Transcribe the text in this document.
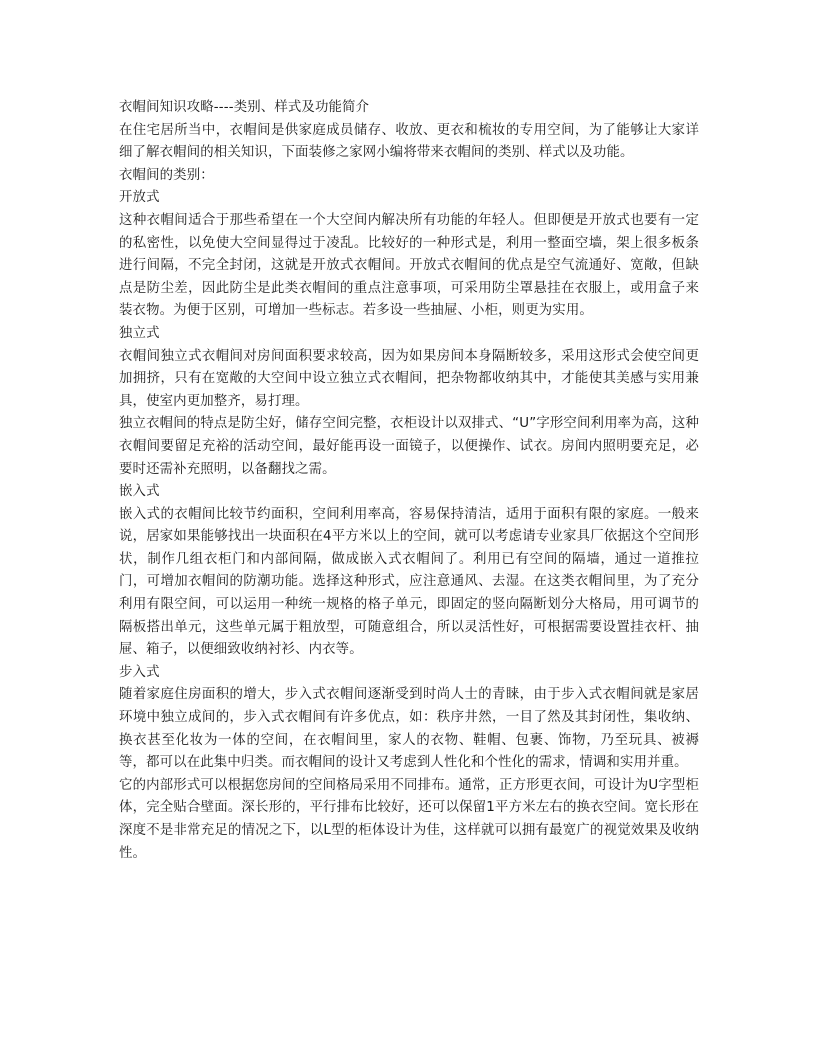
衣帽间知识攻略----类别、样式及功能简介

在住宅居所当中，衣帽间是供家庭成员储存、收放、更衣和梳妆的专用空间，为了能够让大家详细了解衣帽间的相关知识，下面装修之家网小编将带来衣帽间的类别、样式以及功能。

衣帽间的类别：

开放式

这种衣帽间适合于那些希望在一个大空间内解决所有功能的年轻人。但即便是开放式也要有一定的私密性，以免使大空间显得过于凌乱。比较好的一种形式是，利用一整面空墙，架上很多板条进行间隔，不完全封闭，这就是开放式衣帽间。开放式衣帽间的优点是空气流通好、宽敞，但缺点是防尘差，因此防尘是此类衣帽间的重点注意事项，可采用防尘罩悬挂在衣服上，或用盒子来装衣物。为便于区别，可增加一些标志。若多设一些抽屉、小柜，则更为实用。

独立式

衣帽间独立式衣帽间对房间面积要求较高，因为如果房间本身隔断较多，采用这形式会使空间更加拥挤，只有在宽敞的大空间中设立独立式衣帽间，把杂物都收纳其中，才能使其美感与实用兼具，使室内更加整齐，易打理。

独立衣帽间的特点是防尘好，储存空间完整，衣柜设计以双排式、“U”字形空间利用率为高，这种衣帽间要留足充裕的活动空间，最好能再设一面镜子，以便操作、试衣。房间内照明要充足，必要时还需补充照明，以备翻找之需。

嵌入式

嵌入式的衣帽间比较节约面积，空间利用率高，容易保持清洁，适用于面积有限的家庭。一般来说，居家如果能够找出一块面积在4平方米以上的空间，就可以考虑请专业家具厂依据这个空间形状，制作几组衣柜门和内部间隔，做成嵌入式衣帽间了。利用已有空间的隔墙，通过一道推拉门，可增加衣帽间的防潮功能。选择这种形式，应注意通风、去湿。在这类衣帽间里，为了充分利用有限空间，可以运用一种统一规格的格子单元，即固定的竖向隔断划分大格局，用可调节的隔板搭出单元，这些单元属于粗放型，可随意组合，所以灵活性好，可根据需要设置挂衣杆、抽屉、箱子，以便细致收纳衬衫、内衣等。

步入式

随着家庭住房面积的增大，步入式衣帽间逐渐受到时尚人士的青睐，由于步入式衣帽间就是家居环境中独立成间的，步入式衣帽间有许多优点，如：秩序井然，一目了然及其封闭性，集收纳、换衣甚至化妆为一体的空间，在衣帽间里，家人的衣物、鞋帽、包裹、饰物，乃至玩具、被褥等，都可以在此集中归类。而衣帽间的设计又考虑到人性化和个性化的需求，情调和实用并重。

它的内部形式可以根据您房间的空间格局采用不同排布。通常，正方形更衣间，可设计为U字型柜体，完全贴合壁面。深长形的，平行排布比较好，还可以保留1平方米左右的换衣空间。宽长形在深度不是非常充足的情况之下，以L型的柜体设计为佳，这样就可以拥有最宽广的视觉效果及收纳性。
